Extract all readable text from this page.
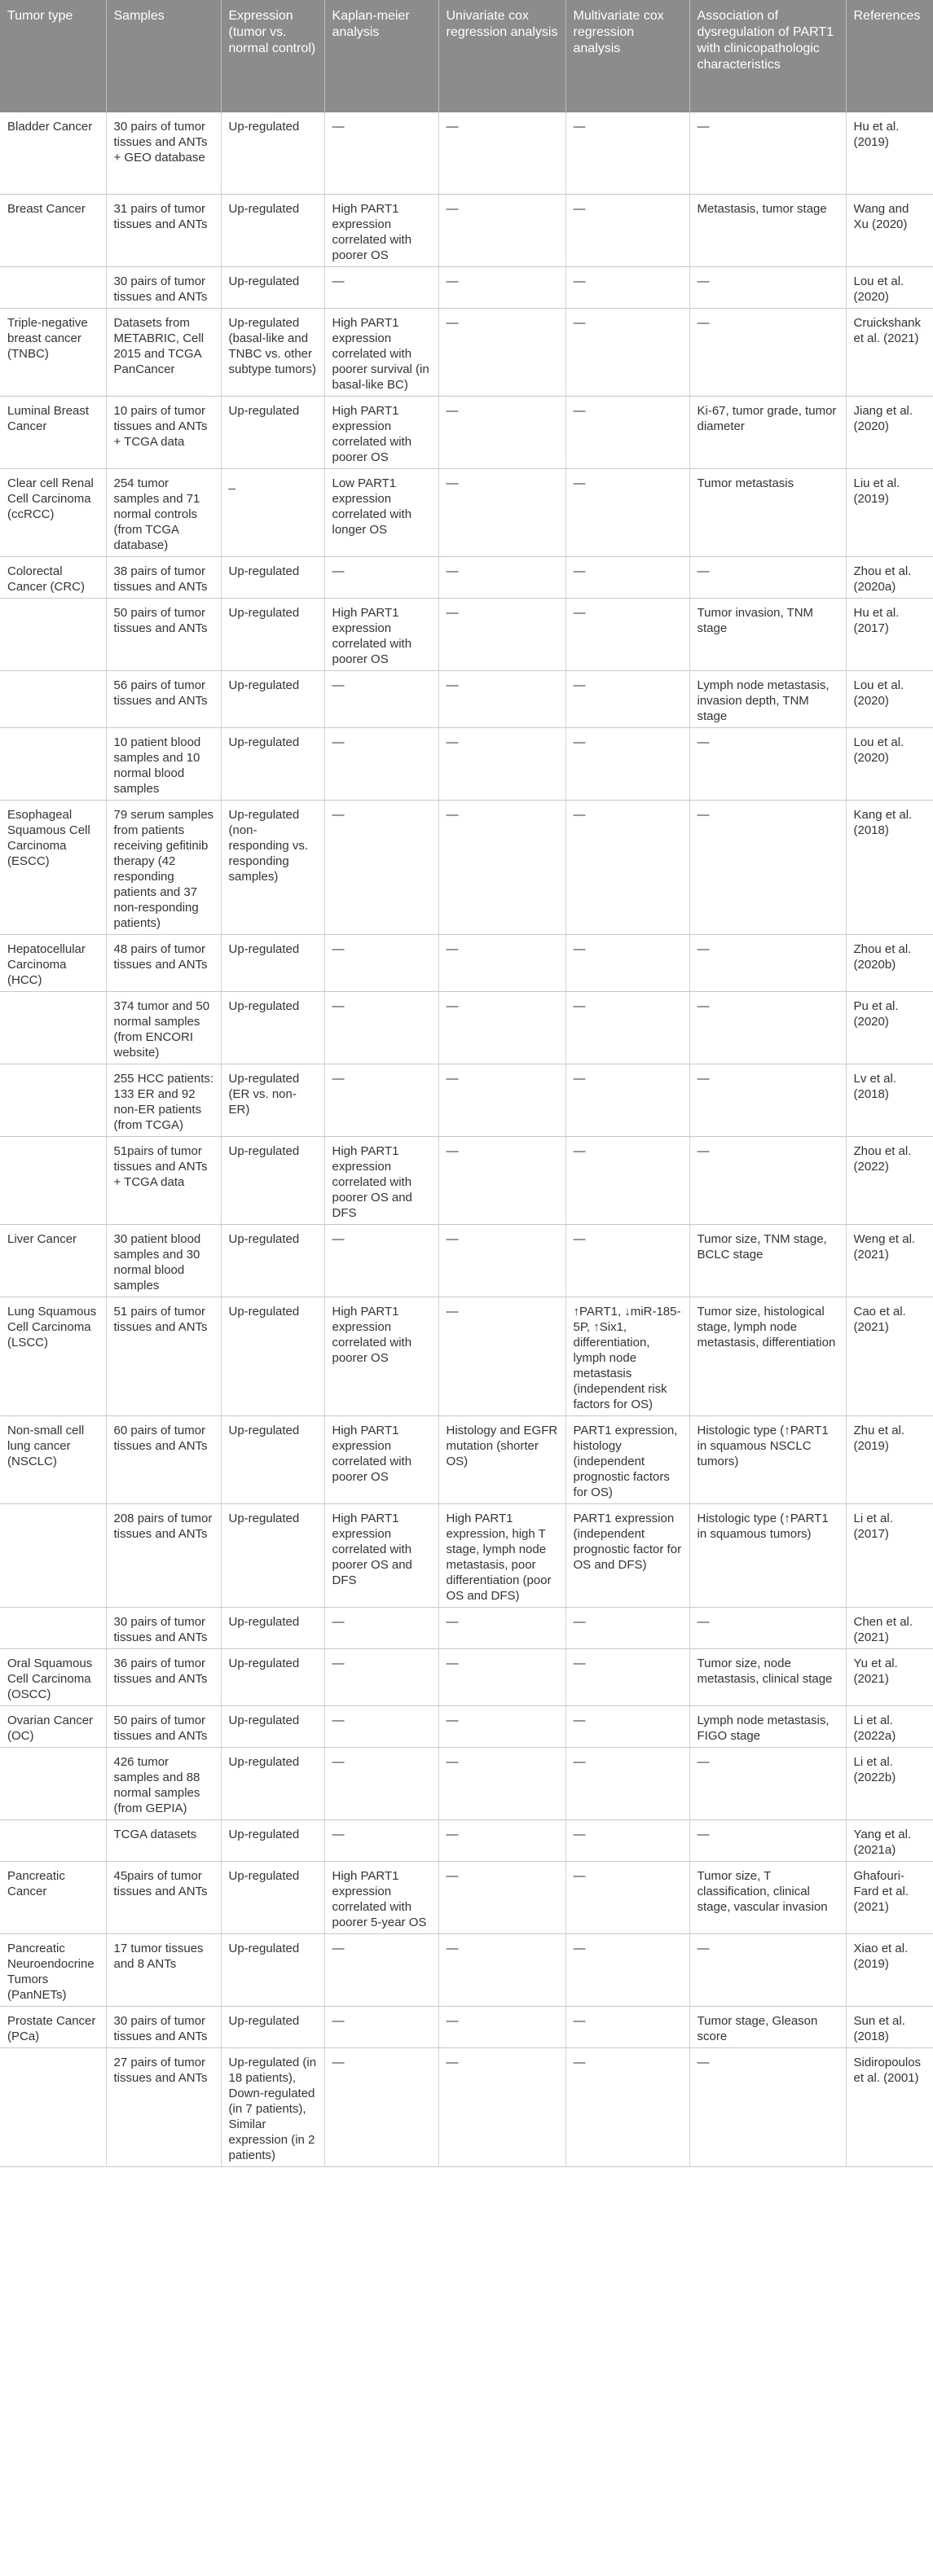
Tumor type	Samples	Expression (tumor vs. normal control)	Kaplan-meier analysis	Univariate cox regression analysis	Multivariate cox regression analysis	Association of dysregulation of PART1 with clinicopathologic characteristics	References
Bladder Cancer	30 pairs of tumor tissues and ANTs + GEO database	Up-regulated	—	—	—	—	Hu et al. (2019)
Breast Cancer	31 pairs of tumor tissues and ANTs	Up-regulated	High PART1 expression correlated with poorer OS	—	—	Metastasis, tumor stage	Wang and Xu (2020)
	30 pairs of tumor tissues and ANTs	Up-regulated	—	—	—	—	Lou et al. (2020)
Triple-negative breast cancer (TNBC)	Datasets from METABRIC, Cell 2015 and TCGA PanCancer	Up-regulated (basal-like and TNBC vs. other subtype tumors)	High PART1 expression correlated with poorer survival (in basal-like BC)	—	—	—	Cruickshank et al. (2021)
Luminal Breast Cancer	10 pairs of tumor tissues and ANTs + TCGA data	Up-regulated	High PART1 expression correlated with poorer OS	—	—	Ki-67, tumor grade, tumor diameter	Jiang et al. (2020)
Clear cell Renal Cell Carcinoma (ccRCC)	254 tumor samples and 71 normal controls (from TCGA database)	_	Low PART1 expression correlated with longer OS	—	—	Tumor metastasis	Liu et al. (2019)
Colorectal Cancer (CRC)	38 pairs of tumor tissues and ANTs	Up-regulated	—	—	—	—	Zhou et al. (2020a)
	50 pairs of tumor tissues and ANTs	Up-regulated	High PART1 expression correlated with poorer OS	—	—	Tumor invasion, TNM stage	Hu et al. (2017)
	56 pairs of tumor tissues and ANTs	Up-regulated	—	—	—	Lymph node metastasis, invasion depth, TNM stage	Lou et al. (2020)
	10 patient blood samples and 10 normal blood samples	Up-regulated	—	—	—	—	Lou et al. (2020)
Esophageal Squamous Cell Carcinoma (ESCC)	79 serum samples from patients receiving gefitinib therapy (42 responding patients and 37 non-responding patients)	Up-regulated (non-responding vs. responding samples)	—	—	—	—	Kang et al. (2018)
Hepatocellular Carcinoma (HCC)	48 pairs of tumor tissues and ANTs	Up-regulated	—	—	—	—	Zhou et al. (2020b)
	374 tumor and 50 normal samples (from ENCORI website)	Up-regulated	—	—	—	—	Pu et al. (2020)
	255 HCC patients: 133 ER and 92 non-ER patients (from TCGA)	Up-regulated (ER vs. non-ER)	—	—	—	—	Lv et al. (2018)
	51pairs of tumor tissues and ANTs + TCGA data	Up-regulated	High PART1 expression correlated with poorer OS and DFS	—	—	—	Zhou et al. (2022)
Liver Cancer	30 patient blood samples and 30 normal blood samples	Up-regulated	—	—	—	Tumor size, TNM stage, BCLC stage	Weng et al. (2021)
Lung Squamous Cell Carcinoma (LSCC)	51 pairs of tumor tissues and ANTs	Up-regulated	High PART1 expression correlated with poorer OS	—	↑PART1, ↓miR-185-5P, ↑Six1, differentiation, lymph node metastasis (independent risk factors for OS)	Tumor size, histological stage, lymph node metastasis, differentiation	Cao et al. (2021)
Non-small cell lung cancer (NSCLC)	60 pairs of tumor tissues and ANTs	Up-regulated	High PART1 expression correlated with poorer OS	Histology and EGFR mutation (shorter OS)	PART1 expression, histology (independent prognostic factors for OS)	Histologic type (↑PART1 in squamous NSCLC tumors)	Zhu et al. (2019)
	208 pairs of tumor tissues and ANTs	Up-regulated	High PART1 expression correlated with poorer OS and DFS	High PART1 expression, high T stage, lymph node metastasis, poor differentiation (poor OS and DFS)	PART1 expression (independent prognostic factor for OS and DFS)	Histologic type (↑PART1 in squamous tumors)	Li et al. (2017)
	30 pairs of tumor tissues and ANTs	Up-regulated	—	—	—	—	Chen et al. (2021)
Oral Squamous Cell Carcinoma (OSCC)	36 pairs of tumor tissues and ANTs	Up-regulated	—	—	—	Tumor size, node metastasis, clinical stage	Yu et al. (2021)
Ovarian Cancer (OC)	50 pairs of tumor tissues and ANTs	Up-regulated	—	—	—	Lymph node metastasis, FIGO stage	Li et al. (2022a)
	426 tumor samples and 88 normal samples (from GEPIA)	Up-regulated	—	—	—	—	Li et al. (2022b)
	TCGA datasets	Up-regulated	—	—	—	—	Yang et al. (2021a)
Pancreatic Cancer	45pairs of tumor tissues and ANTs	Up-regulated	High PART1 expression correlated with poorer 5-year OS	—	—	Tumor size, T classification, clinical stage, vascular invasion	Ghafouri-Fard et al. (2021)
Pancreatic Neuroendocrine Tumors (PanNETs)	17 tumor tissues and 8 ANTs	Up-regulated	—	—	—	—	Xiao et al. (2019)
Prostate Cancer (PCa)	30 pairs of tumor tissues and ANTs	Up-regulated	—	—	—	Tumor stage, Gleason score	Sun et al. (2018)
	27 pairs of tumor tissues and ANTs	Up-regulated (in 18 patients), Down-regulated (in 7 patients), Similar expression (in 2 patients)	—	—	—	—	Sidiropoulos et al. (2001)
